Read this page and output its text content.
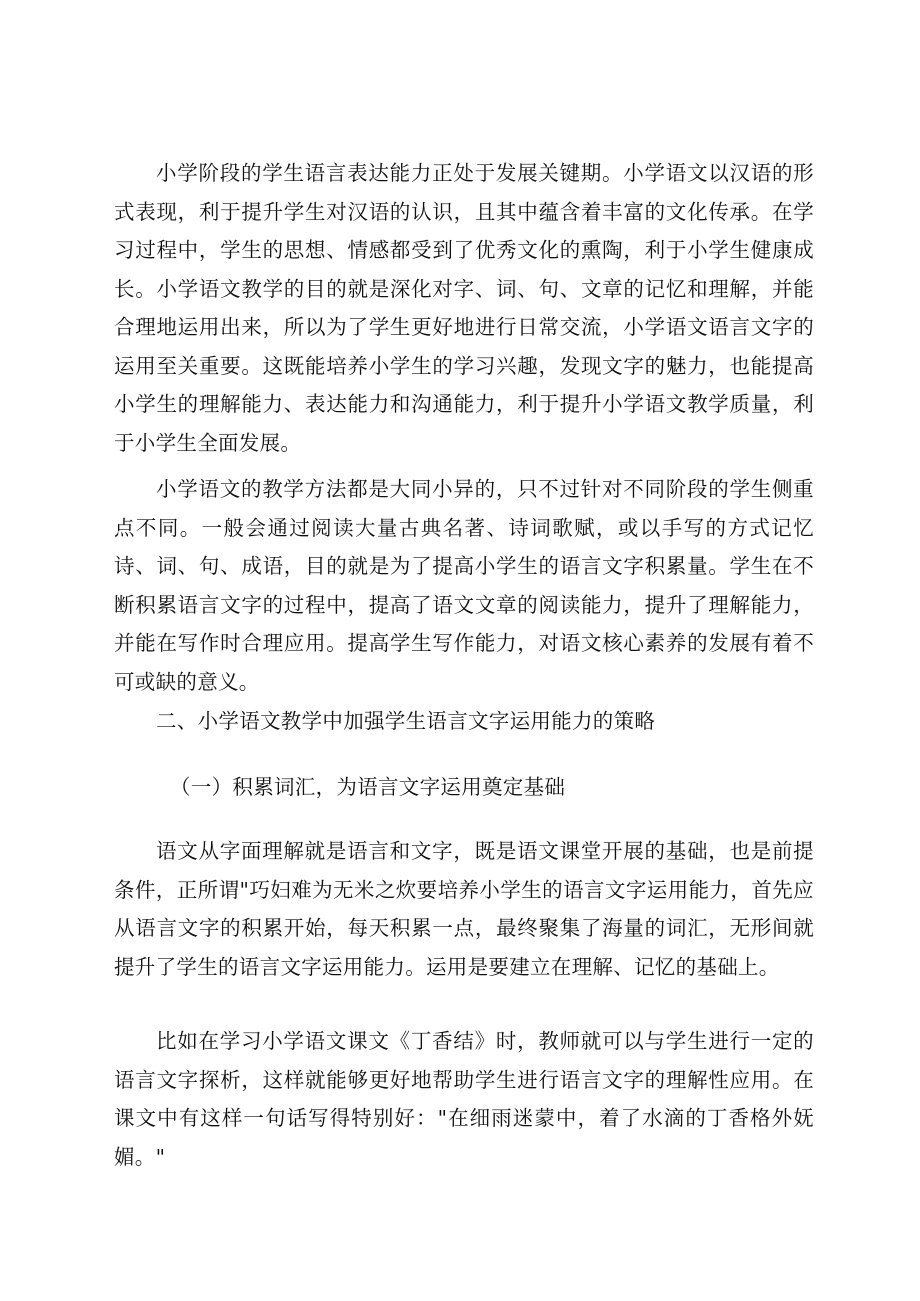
小学阶段的学生语言表达能力正处于发展关键期。小学语文以汉语的形式表现，利于提升学生对汉语的认识，且其中蕴含着丰富的文化传承。在学习过程中，学生的思想、情感都受到了优秀文化的熏陶，利于小学生健康成长。小学语文教学的目的就是深化对字、词、句、文章的记忆和理解，并能合理地运用出来，所以为了学生更好地进行日常交流，小学语文语言文字的运用至关重要。这既能培养小学生的学习兴趣，发现文字的魅力，也能提高小学生的理解能力、表达能力和沟通能力，利于提升小学语文教学质量，利于小学生全面发展。

小学语文的教学方法都是大同小异的，只不过针对不同阶段的学生侧重点不同。一般会通过阅读大量古典名著、诗词歌赋，或以手写的方式记忆诗、词、句、成语，目的就是为了提高小学生的语言文字积累量。学生在不断积累语言文字的过程中，提高了语文文章的阅读能力，提升了理解能力，并能在写作时合理应用。提高学生写作能力，对语文核心素养的发展有着不可或缺的意义。

二、小学语文教学中加强学生语言文字运用能力的策略
（一）积累词汇，为语言文字运用奠定基础

语文从字面理解就是语言和文字，既是语文课堂开展的基础，也是前提条件，正所谓"巧妇难为无米之炊要培养小学生的语言文字运用能力，首先应从语言文字的积累开始，每天积累一点，最终聚集了海量的词汇，无形间就提升了学生的语言文字运用能力。运用是要建立在理解、记忆的基础上。

比如在学习小学语文课文《丁香结》时，教师就可以与学生进行一定的语言文字探析，这样就能够更好地帮助学生进行语言文字的理解性应用。在课文中有这样一句话写得特别好："在细雨迷蒙中，着了水滴的丁香格外妩媚。"
